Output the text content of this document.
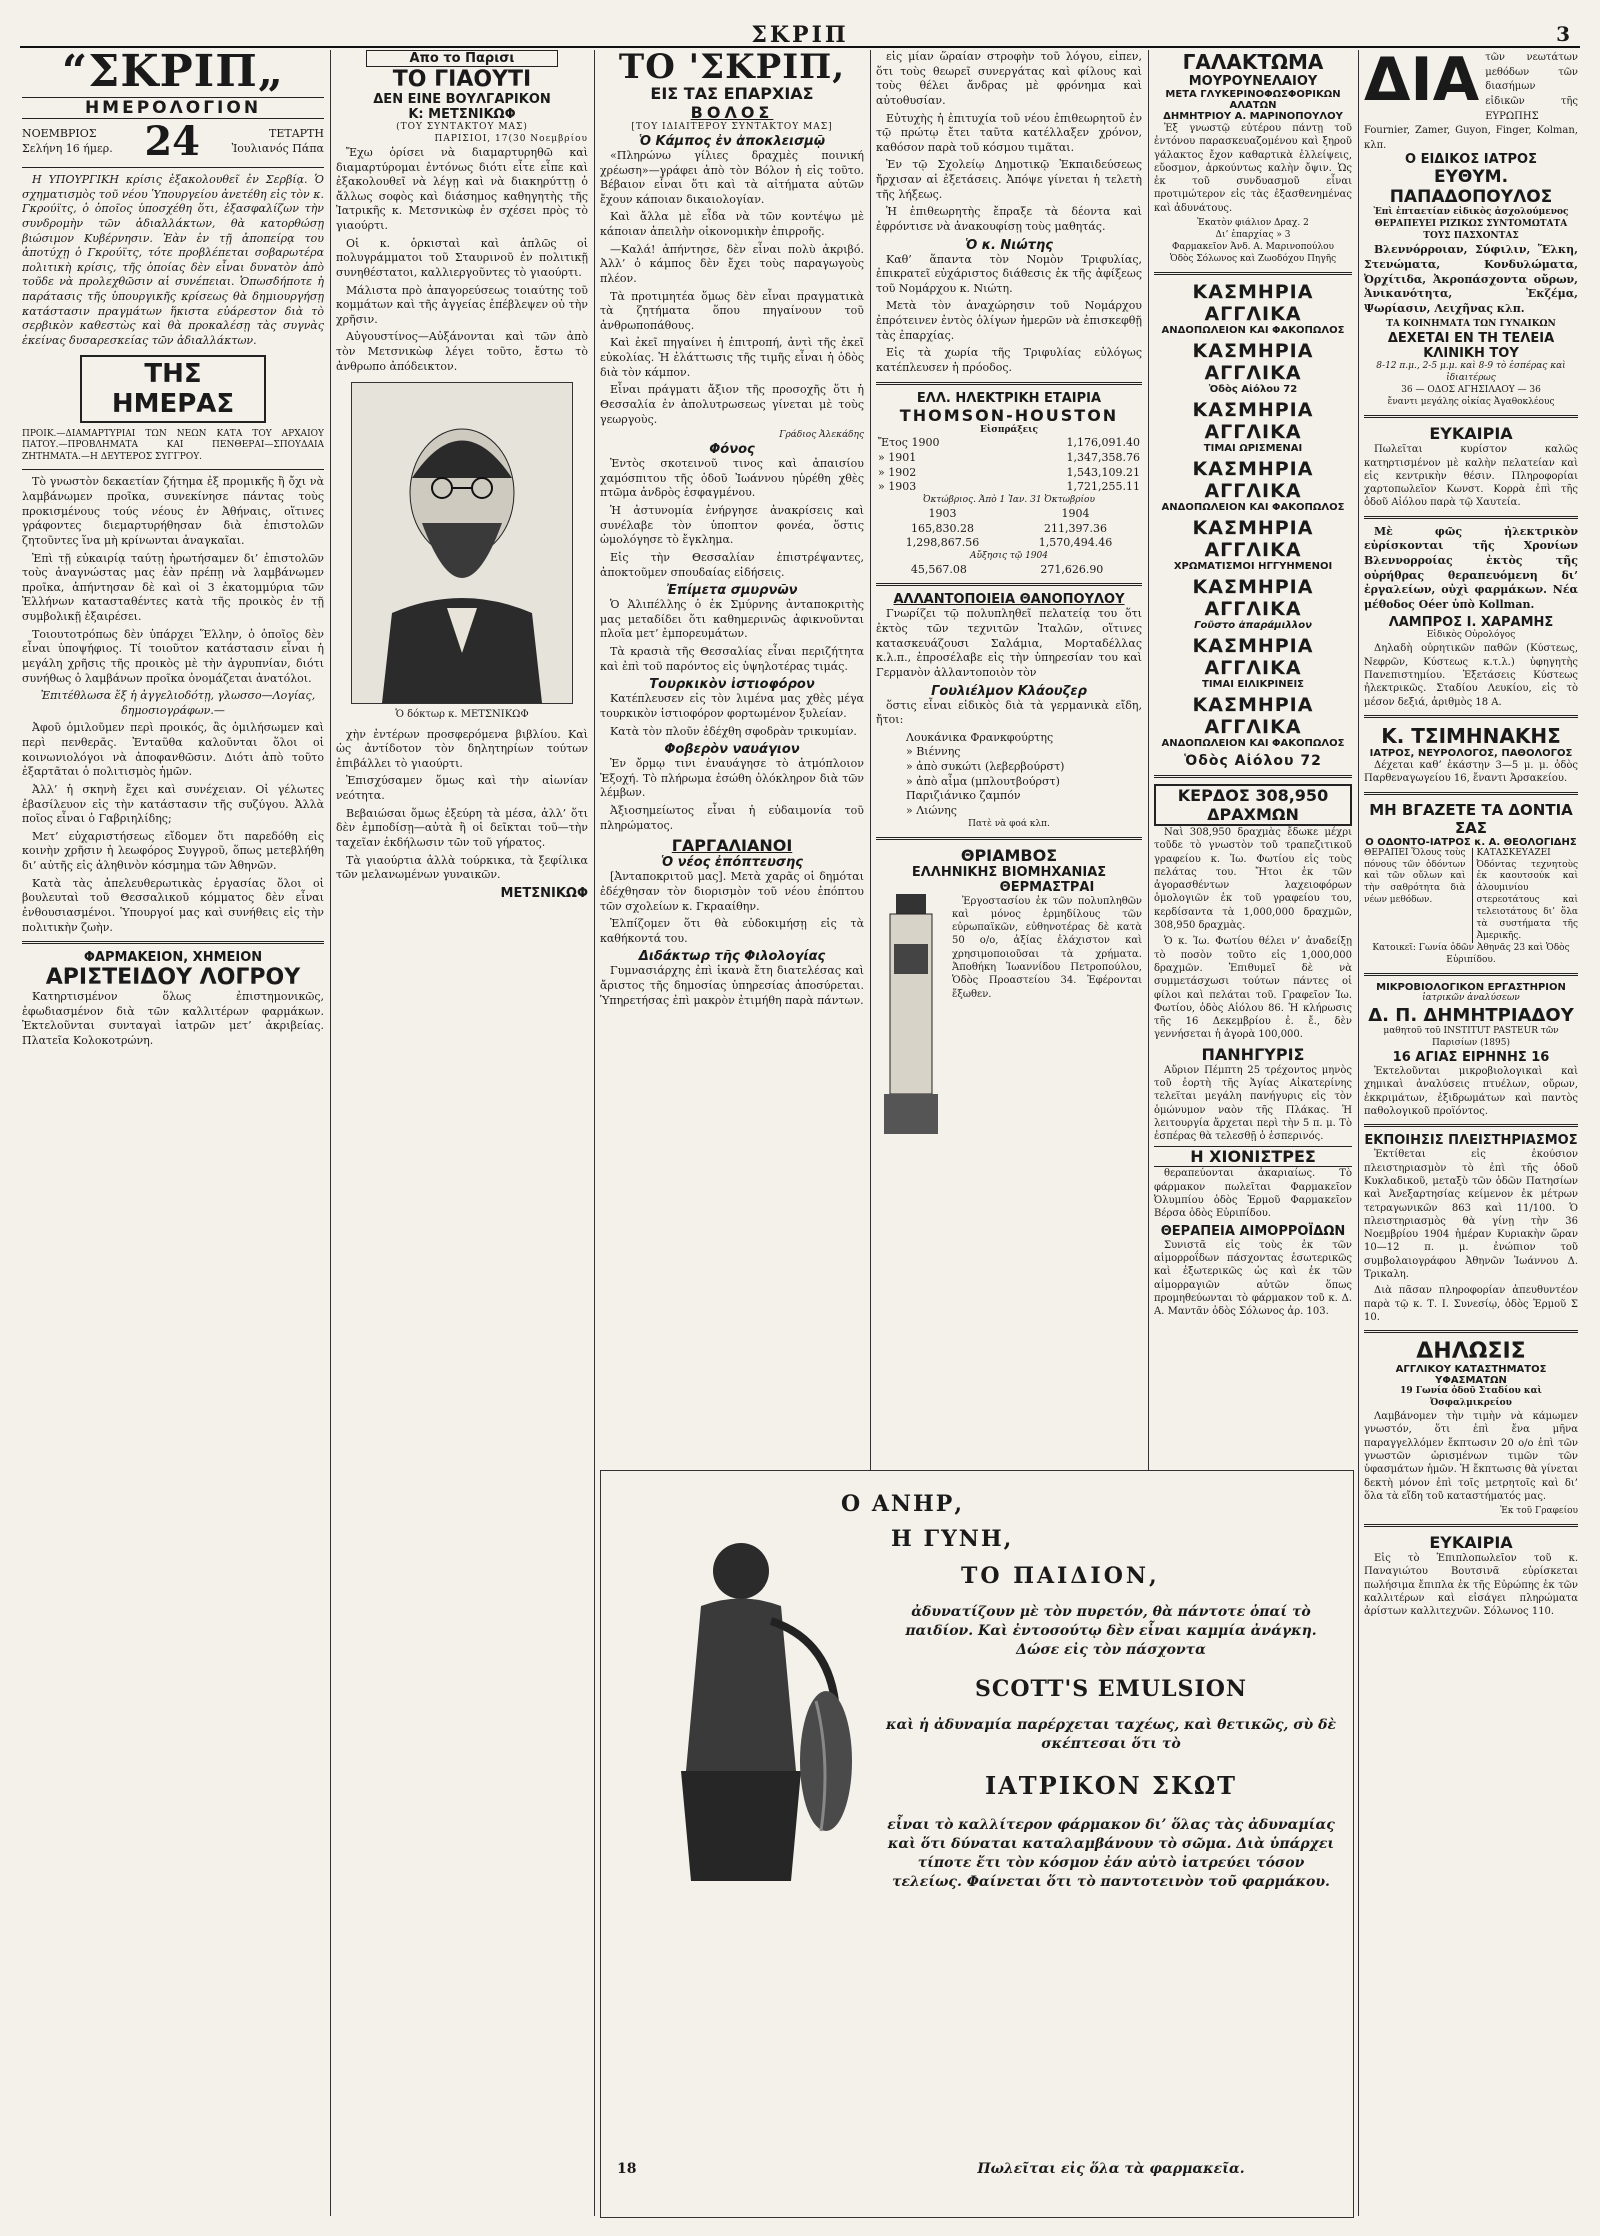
ΣΚΡΙΠ	3
“ΣΚΡΙΠ„
ΗΜΕΡΟΛΟΓΙΟΝ
ΝΟΕΜΒΡΙΟΣ
Σελήνη 16 ήμερ. 24	ΤΕΤΑΡΤΗ
Ἰουλιανός Πάπα

Η ΥΠΟΥΡΓΙΚΗ κρίσις ἐξακολουθεῖ ἐν Σερβίᾳ. Ὁ σχηματισμὸς τοῦ νέου Ὑπουργείου ἀνετέθη εἰς τὸν κ. Γκρούϊτς, ὁ ὁποῖος ὑποσχέθη ὅτι, ἐξασφαλίζων τὴν συνδρομὴν τῶν ἀδιαλλάκτων, θὰ κατορθώσῃ βιώσιμον Κυβέρνησιν. Ἐὰν ἐν τῇ ἀποπείρᾳ του ἀποτύχῃ ὁ Γκρούϊτς, τότε προβλέπεται σοβαρωτέρα πολιτικὴ κρίσις, τῆς ὁποίας δὲν εἶναι δυνατὸν ἀπὸ τοῦδε νὰ προλεχθῶσιν αἱ συνέπειαι. Ὁπωσδήποτε ἡ παράτασις τῆς ὑπουργικῆς κρίσεως θὰ δημιουργήσῃ κατάστασιν πραγμάτων ἥκιστα εὐάρεστον διὰ τὸ σερβικὸν καθεστὼς καὶ θὰ προκαλέσῃ τὰς συγνὰς ἐκείνας δυσαρεσκείας τῶν ἀδιαλλάκτων.

ΤΗΣ ΗΜΕΡΑΣ
ΠΡΟΙΚ.—ΔΙΑΜΑΡΤΥΡΙΑΙ ΤΩΝ ΝΕΩΝ ΚΑΤΑ ΤΟΥ ΑΡΧΑΙΟΥ ΠΑΤΟΥ.—ΠΡΟΒΛΗΜΑΤΑ ΚΑΙ ΠΕΝΘΕΡΑΙ—ΣΠΟΥΔΑΙΑ ΖΗΤΗΜΑΤΑ.—Η ΔΕΥΤΕΡΟΣ ΣΥΓΓΡΟΥ.

Τὸ γνωστὸν δεκαετίαν ζήτημα ἐξ προμικῆς ἢ ὄχι νὰ λαμβάνωμεν προῖκα, συνεκίνησε πάντας τοὺς προκισμένους τούς νέους ἐν Ἀθήναις, οἵτινες γράφοντες διεμαρτυρήθησαν διὰ ἐπιστολῶν ζητοῦντες ἵνα μὴ κρίνωνται ἀναγκαῖαι.

Ἐπὶ τῇ εὐκαιρίᾳ ταύτῃ ἠρωτήσαμεν δι’ ἐπιστολῶν τοὺς ἀναγνώστας μας ἐὰν πρέπῃ νὰ λαμβάνωμεν προῖκα, ἀπήντησαν δὲ καὶ οἱ 3 ἐκατομμύρια τῶν Ἑλλήνων κατασταθέντες κατὰ τῆς προικὸς ἐν τῇ συμβολικῇ ἐξαιρέσει.

Τοιουτοτρόπως δὲν ὑπάρχει Ἕλλην, ὁ ὁποῖος δὲν εἶναι ὑποψήφιος. Τί τοιοῦτον κατάστασιν εἶναι ἡ μεγάλη χρῆσις τῆς προικὸς μὲ τὴν ἀγρυπνίαν, διότι συνήθως ὁ λαμβάνων προῖκα ὀνομάζεται ἀνατόλοι.

Ἐπιτέθλωσα ἕξ ἡ ἀγγελιοδότῃ, γλωσσο—Λογίας, δημοσιογράφων.—

Ἀφοῦ ὁμιλοῦμεν περὶ προικός, ἂς ὁμιλήσωμεν καὶ περὶ πενθερᾶς. Ἐνταῦθα καλοῦνται ὅλοι οἱ κοινωνιολόγοι νὰ ἀποφανθῶσιν. Διότι ἀπὸ τοῦτο ἐξαρτᾶται ὁ πολιτισμὸς ἡμῶν.

Ἀλλ’ ἡ σκηνὴ ἔχει καὶ συνέχειαν. Οἱ γέλωτες ἐβασίλευον εἰς τὴν κατάστασιν τῆς συζύγου. Ἀλλὰ ποῖος εἶναι ὁ Γαβριηλίδης;

Μετ’ εὐχαριστήσεως εἴδομεν ὅτι παρεδόθη εἰς κοινὴν χρῆσιν ἡ λεωφόρος Συγγροῦ, ὅπως μετεβλήθη δι’ αὐτῆς εἰς ἀληθινὸν κόσμημα τῶν Ἀθηνῶν.

Κατὰ τὰς ἀπελευθερωτικὰς ἐργασίας ὅλοι οἱ βουλευταὶ τοῦ Θεσσαλικοῦ κόμματος δὲν εἶναι ἐνθουσιασμένοι. Ὑπουργοί μας καὶ συνήθεις εἰς τὴν πολιτικὴν ζωὴν.

ΦΑΡΜΑΚΕΙΟΝ, ΧΗΜΕΙΟΝ
ΑΡΙΣΤΕΙΔΟΥ ΛΟΓΡΟΥ

Κατηρτισμένον ὅλως ἐπιστημονικῶς, ἐφωδιασμένον διὰ τῶν καλλιτέρων φαρμάκων. Ἐκτελοῦνται συνταγαὶ ἰατρῶν μετ’ ἀκριβείας. Πλατεῖα Κολοκοτρώνη.

Απο το Παρισι
ΤΟ ΓΙΑΟΥΤΙ
ΔΕΝ ΕΙΝΕ ΒΟΥΛΓΑΡΙΚΟΝ
Κ: ΜΕΤΣΝΙΚΩΦ
(ΤΟΥ ΣΥΝΤΑΚΤΟΥ ΜΑΣ)
ΠΑΡΙΣΙΟΙ, 17(30 Νοεμβρίου

Ἔχω ὁρίσει νὰ διαμαρτυρηθῶ καὶ διαμαρτύρομαι ἐντόνως διότι εἶτε εἶπε καὶ ἐξακολουθεῖ νὰ λέγῃ καὶ νὰ διακηρύττῃ ὁ ἄλλως σοφὸς καὶ διάσημος καθηγητὴς τῆς Ἰατρικῆς κ. Μετσνικὼφ ἐν σχέσει πρὸς τὸ γιαούρτι.

Οἱ κ. ὁρκισταὶ καὶ ἁπλῶς οἱ πολυγράμματοι τοῦ Σταυρινοῦ ἐν πολιτικῇ συνηθέστατοι, καλλιεργοῦντες τὸ γιαούρτι.

Μάλιστα πρὸ ἀπαγορεύσεως τοιαύτης τοῦ κομμάτων καὶ τῆς ἀγγείας ἐπέβλεψεν οὐ τὴν χρῆσιν.

Αὐγουστίνος—Αὐξάνονται καὶ τῶν ἀπὸ τὸν Μετσνικὼφ λέγει τοῦτο, ἔστω τὸ ἀνθρωπο ἀπόδεικτον.

Ὁ δόκτωρ κ. ΜΕΤΣΝΙΚΩΦ

χὴν ἐντέρων προσφερόμενα βιβλίου. Καὶ ὡς ἀντίδοτον τὸν δηλητηρίων τούτων ἐπιβάλλει τὸ γιαούρτι.

Ἐπισχύσαμεν ὅμως καὶ τὴν αἰωνίαν νεότητα.

Βεβαιώσαι ὅμως ἐξεύρη τὰ μέσα, ἀλλ’ ὅτι δὲν ἐμποδίσῃ—αὐτὰ ἢ οἱ δεῖκται τοῦ—τὴν ταχεῖαν ἐκδήλωσιν τῶν τοῦ γήρατος.

Τὰ γιαούρτια ἀλλὰ τούρκικα, τὰ ξεφίλικα τῶν μελανωμένων γυναικῶν.

ΜΕΤΣΝΙΚΩΦ
ΤΟ 'ΣΚΡΙΠ,
ΕΙΣ ΤΑΣ ΕΠΑΡΧΙΑΣ
ΒΟΛΟΣ
[ΤΟΥ ΙΔΙΑΙΤΕΡΟΥ ΣΥΝΤΑΚΤΟΥ ΜΑΣ]
Ὁ Κάμπος ἐν ἀποκλεισμῷ

«Πληρώνω γίλιες δραχμὲς ποινική χρέωση»—γράφει ἀπὸ τὸν Βόλον ἡ εἰς τοῦτο. Βέβαιον εἶναι ὅτι καὶ τὰ αἰτήματα αὐτῶν ἔχουν κάποιαν δικαιολογίαν.

Καὶ ἄλλα μὲ εἶδα νὰ τῶν κοντέψω μὲ κάποιαν ἀπειλὴν οἰκονομικὴν ἐπιρροῆς.

—Καλά! ἀπήντησε, δὲν εἶναι πολὺ ἀκριβό. Ἀλλ’ ὁ κάμπος δὲν ἔχει τοὺς παραγωγοὺς πλέον.

Τὰ προτιμητέα ὅμως δὲν εἶναι πραγματικὰ τὰ ζητήματα ὅπου πηγαίνουν τοῦ ἀνθρωποπάθους.

Καὶ ἐκεῖ πηγαίνει ἡ ἐπιτροπή, ἀντὶ τῆς ἐκεῖ εὐκολίας. Ἡ ἐλάττωσις τῆς τιμῆς εἶναι ἡ ὁδὸς διὰ τὸν κάμπον.

Εἶναι πράγματι ἄξιον τῆς προσοχῆς ὅτι ἡ Θεσσαλία ἐν ἀπολυτρωσεως γίνεται μὲ τοὺς γεωργοὺς.

Γράδιος Ἀλεκάδης
Φόνος

Ἐντὸς σκοτεινοῦ τινος καὶ ἀπαισίου χαμόσπιτου τῆς ὁδοῦ Ἰωάννου ηὑρέθη χθὲς πτῶμα ἀνδρὸς ἐσφαγμένου.

Ἡ ἀστυνομία ἐνήργησε ἀνακρίσεις καὶ συνέλαβε τὸν ὑποπτον φονέα, ὅστις ὡμολόγησε τὸ ἔγκλημα.

Εἰς τὴν Θεσσαλίαν ἐπιστρέψαντες, ἀποκτοῦμεν σπουδαίας εἰδήσεις.

Ἐπίμετα σμυρνῶν

Ὁ Ἀλιπέλλης ὁ ἐκ Σμύρνης ἀνταποκριτὴς μας μεταδίδει ὅτι καθημερινῶς ἀφικνοῦνται πλοῖα μετ’ ἐμπορευμάτων.

Τὰ κρασιὰ τῆς Θεσσαλίας εἶναι περιζήτητα καὶ ἐπὶ τοῦ παρόντος εἰς ὑψηλοτέρας τιμάς.

Τουρκικὸν ἰστιοφόρον

Κατέπλευσεν εἰς τὸν λιμένα μας χθὲς μέγα τουρκικὸν ἰστιοφόρον φορτωμένον ξυλείαν.

Κατὰ τὸν πλοῦν ἐδέχθη σφοδρὰν τρικυμίαν.

Φοβερὸν ναυάγιον

Ἐν ὄρμῳ τινι ἐναυάγησε τὸ ἀτμόπλοιον Ἐξοχή. Τὸ πλήρωμα ἐσώθη ὀλόκληρον διὰ τῶν λέμβων.

Ἀξιοσημείωτος εἶναι ἡ εὐδαιμονία τοῦ πληρώματος.

ΓΑΡΓΑΛΙΑΝΟΙ
Ὁ νέος ἐπόπτευσης

[Ἀνταποκριτοῦ μας]. Μετὰ χαρᾶς οἱ δημόται ἐδέχθησαν τὸν διορισμὸν τοῦ νέου ἐπόπτου τῶν σχολείων κ. Γκρααίθην.

Ἐλπίζομεν ὅτι θὰ εὐδοκιμήσῃ εἰς τὰ καθήκοντά του.

Διδάκτωρ τῆς Φιλολογίας

Γυμνασιάρχης ἐπὶ ἱκανὰ ἔτη διατελέσας καὶ ἄριστος τῆς δημοσίας ὑπηρεσίας ἀποσύρεται. Ὑπηρετήσας ἐπὶ μακρὸν ἐτιμήθη παρὰ πάντων.

εἰς μίαν ὥραίαν στροφὴν τοῦ λόγου, εἶπεν, ὅτι τοὺς θεωρεῖ συνεργάτας καὶ φίλους καὶ τοὺς θέλει ἄνδρας μὲ φρόνημα καὶ αὐτοθυσίαν.

Εὐτυχὴς ἡ ἐπιτυχία τοῦ νέου ἐπιθεωρητοῦ ἐν τῷ πρώτῳ ἔτει ταῦτα κατέλλαξεν χρόνον, καθόσον παρὰ τοῦ κόσμου τιμᾶται.

Ἐν τῷ Σχολείῳ Δημοτικῷ Ἐκπαιδεύσεως ἤρχισαν αἱ ἐξετάσεις. Ἀπόψε γίνεται ἡ τελετὴ τῆς λήξεως.

Ἡ ἐπιθεωρητὴς ἔπραξε τὰ δέοντα καὶ ἐφρόντισε νὰ ἀνακουφίσῃ τοὺς μαθητάς.

Ὁ κ. Νιώτης

Καθ’ ἅπαντα τὸν Νομὸν Τριφυλίας, ἐπικρατεῖ εὐχάριστος διάθεσις ἐκ τῆς ἀφίξεως τοῦ Νομάρχου κ. Νιώτη.

Μετὰ τὸν ἀναχώρησιν τοῦ Νομάρχου ἐπρότεινεν ἐντὸς ὀλίγων ἡμερῶν νὰ ἐπισκεφθῇ τὰς ἐπαρχίας.

Εἰς τὰ χωρία τῆς Τριφυλίας εὐλόγως κατέπλευσεν ἡ πρόοδος.

ΕΛΛ. ΗΛΕΚΤΡΙΚΗ ΕΤΑΙΡΙΑ
THOMSON-HOUSTON
Εἰσπράξεις
Ἔτος 1900	1,176,091.40
» 1901	1,347,358.76
» 1902	1,543,109.21
» 1903	1,721,255.11
Ὀκτώβριος. Ἀπὸ 1 Ἰαν. 31 Ὀκτωβρίου
1903	1904
165,830.28	211,397.36
1,298,867.56	1,570,494.46
Αὔξησις τῷ 1904
45,567.08	271,626.90
ΑΛΛΑΝΤΟΠΟΙΕΙΑ ΘΑΝΟΠΟΥΛΟΥ

Γνωρίζει τῷ πολυπληθεῖ πελατείᾳ του ὅτι ἐκτὸς τῶν τεχνιτῶν Ἰταλῶν, οἵτινες κατασκευάζουσι Σαλάμια, Μορταδέλλας κ.λ.π., ἐπροσέλαβε εἰς τὴν ὑπηρεσίαν του καὶ Γερμανὸν ἀλλαντοποιὸν τὸν

Γουλιέλμον Κλάουζερ

ὅστις εἶναι εἰδικὸς διὰ τὰ γερμανικὰ εἴδη, ἤτοι:

Λουκάνικα Φρανκφούρτης
» Βιέννης
» ἀπὸ συκώτι (λεβερβούρστ)
» ἀπὸ αἷμα (μπλουτβούρστ)
Παριζιάνικο ζαμπόν
» Λιώνης
Πατὲ νὰ φοά κλπ.
ΘΡΙΑΜΒΟΣ
ΕΛΛΗΝΙΚΗΣ ΒΙΟΜΗΧΑΝΙΑΣ
ΘΕΡΜΑΣΤΡΑΙ

Ἐργοστασίου ἐκ τῶν πολυπληθῶν καὶ μόνος ἑρμηδίλους τῶν εὐρωπαϊκῶν, εὐθηνοτέρας δὲ κατὰ 50 ο/ο, ἀξίας ἐλάχιστον καὶ χρησιμοποιοῦσαι τὰ χρήματα. Ἀποθήκη Ἰωαννίδου Πετροπούλου, Ὁδὸς Προαστείου 34. Ἐφέρονται ἔξωθεν.

ΓΑΛΑΚΤΩΜΑ
ΜΟΥΡΟΥΝΕΛΑΙΟΥ
ΜΕΤΑ ΓΛΥΚΕΡΙΝΟΦΩΣΦΟΡΙΚΩΝ ΑΛΑΤΩΝ
ΔΗΜΗΤΡΙΟΥ Α. ΜΑΡΙΝΟΠΟΥΛΟΥ

Ἐξ γνωστῷ εὐτέρου πάντῃ τοῦ ἐντόνου παρασκευαζομένου καὶ ξηροῦ γάλακτος ἔχον καθαρτικὰ ἐλλείψεις, εὔοσμον, ἀρκούντως καλὴν ὄψιν. Ὡς ἐκ τοῦ συνδυασμοῦ εἶναι προτιμώτερον εἰς τὰς ἐξασθενημένας καὶ ἀδυνάτους.

Ἑκατὸν φιάλιον Δραχ. 2
Δι’ ἐπαρχίας » 3
Φαρμακεῖον Ἀνδ. Α. Μαρινοπούλου
Ὁδὸς Σόλωνος καὶ Ζωοδόχου Πηγῆς
ΚΑΣΜΗΡΙΑ ΑΓΓΛΙΚΑ
ΑΝΔΟΠΩΛΕΙΟΝ ΚΑΙ ΦΑΚΟΠΩΛΟΣ
ΚΑΣΜΗΡΙΑ ΑΓΓΛΙΚΑ
Ὁδὸς Αἰόλου 72
ΚΑΣΜΗΡΙΑ ΑΓΓΛΙΚΑ
ΤΙΜΑΙ ΩΡΙΣΜΕΝΑΙ
ΚΑΣΜΗΡΙΑ ΑΓΓΛΙΚΑ
ΑΝΔΟΠΩΛΕΙΟΝ ΚΑΙ ΦΑΚΟΠΩΛΟΣ
ΚΑΣΜΗΡΙΑ ΑΓΓΛΙΚΑ
ΧΡΩΜΑΤΙΣΜΟΙ ΗΓΓΥΗΜΕΝΟΙ
ΚΑΣΜΗΡΙΑ ΑΓΓΛΙΚΑ
Γοῦστο ἀπαράμιλλον
ΚΑΣΜΗΡΙΑ ΑΓΓΛΙΚΑ
ΤΙΜΑΙ ΕΙΛΙΚΡΙΝΕΙΣ
ΚΑΣΜΗΡΙΑ ΑΓΓΛΙΚΑ
ΑΝΔΟΠΩΛΕΙΟΝ ΚΑΙ ΦΑΚΟΠΩΛΟΣ
Ὁδὸς Αἰόλου 72
ΚΕΡΔΟΣ 308,950 ΔΡΑΧΜΩΝ

Ναὶ 308,950 δραχμὰς ἔδωκε μέχρι τοῦδε τὸ γνωστὸν τοῦ τραπεζιτικοῦ γραφείου κ. Ἰω. Φωτίου εἰς τοὺς πελάτας του. Ἤτοι ἐκ τῶν ἀγορασθέντων λαχειοφόρων ὁμολογιῶν ἐκ τοῦ γραφείου του, κερδίσαντα τὰ 1,000,000 δραχμῶν, 308,950 δραχμὰς.

Ὁ κ. Ἰω. Φωτίου θέλει ν’ ἀναδείξῃ τὸ ποσὸν τοῦτο εἰς 1,000,000 δραχμῶν. Ἐπιθυμεῖ δὲ νὰ συμμετάσχωσι τούτων πάντες οἱ φίλοι καὶ πελάται τοῦ. Γραφεῖον Ἰω. Φωτίου, ὁδὸς Αἰόλου 86. Ἡ κλήρωσις τῆς 16 Δεκεμβρίου ἐ. ἔ., δὲν γεννήσεται ἡ ἀγορὰ 100,000.

ΠΑΝΗΓΥΡΙΣ

Αὔριον Πέμπτη 25 τρέχοντος μηνὸς τοῦ ἐορτὴ τῆς Ἁγίας Αἰκατερίνης τελεῖται μεγάλη πανήγυρις εἰς τὸν ὁμώνυμον ναὸν τῆς Πλάκας. Ἡ λειτουργία ἄρχεται περὶ τὴν 5 π. μ. Τὸ ἐσπέρας θὰ τελεσθῇ ὁ ἑσπερινός.

Η ΧΙΟΝΙΣΤΡΕΣ

θεραπεύονται ἀκαριαίως. Τὸ φάρμακον πωλεῖται Φαρμακεῖον Ὀλυμπίου ὁδὸς Ἑρμοῦ Φαρμακεῖον Βέρσα ὁδὸς Εὐριπίδου.

ΘΕΡΑΠΕΙΑ ΑΙΜΟΡΡΟΪΔΩΝ

Συνιστᾶ εἰς τοὺς ἐκ τῶν αἱμορροΐδων πάσχοντας ἐσωτερικῶς καὶ ἐξωτερικῶς ὡς καὶ ἐκ τῶν αἱμορραγιῶν αὐτῶν ὅπως προμηθεύωνται τὸ φάρμακον τοῦ κ. Δ. Α. Μαντᾶν ὁδὸς Σόλωνος ἀρ. 103.

ΔΙΑ τῶν νεωτάτων μεθόδων τῶν διασήμων εἰδικῶν τῆς ΕΥΡΩΠΗΣ Fournier, Zamer, Guyon, Finger, Kolman, κλπ.
Ο ΕΙΔΙΚΟΣ ΙΑΤΡΟΣ
ΕΥΘΥΜ. ΠΑΠΑΔΟΠΟΥΛΟΣ
Ἐπὶ ἐπταετίαν εἰδικὸς ἀσχολούμενος ΘΕΡΑΠΕΥΕΙ ΡΙΖΙΚΩΣ ΣΥΝΤΟΜΩΤΑΤΑ ΤΟΥΣ ΠΑΣΧΟΝΤΑΣ

Βλεννόρροιαν, Σύφιλιν, Ἕλκη, Στενώματα, Κονδυλώματα, Ὀρχίτιδα, Ἀκροπάσχοντα οὔρων, Ἀνικανότητα, Ἐκζέμα, Ψωρίασιν, Λειχῆνας κλπ.

ΤΑ ΚΟΙΝΗΜΑΤΑ ΤΩΝ ΓΥΝΑΙΚΩΝ
ΔΕΧΕΤΑΙ ΕΝ ΤΗ ΤΕΛΕΙΑ ΚΛΙΝΙΚΗ ΤΟΥ
8-12 π.μ., 2-5 μ.μ. καὶ 8-9 τὸ ἑσπέρας καὶ ἰδιαιτέρως
36 — ΟΔΟΣ ΑΓΗΣΙΛΑΟΥ — 36
ἔναντι μεγάλης οἰκίας Ἀγαθοκλέους
ΕΥΚΑΙΡΙΑ

Πωλεῖται κυρίστον καλῶς κατηρτισμένον μὲ καλὴν πελατείαν καὶ εἰς κεντρικὴν θέσιν. Πληροφορίαι χαρτοπωλεῖον Κωνστ. Κορρὰ ἐπὶ τῆς ὁδοῦ Αἰόλου παρὰ τῷ Χαυτεία.

Μὲ φῶς ἠλεκτρικὸν εὑρίσκονται τῆς Χρονίων Βλεννορροίας ἐκτὸς τῆς οὐρήθρας θεραπευόμενη δι’ ἐργαλείων, οὐχὶ φαρμάκων. Νέα μέθοδος Oéer ὑπὸ Kollman.

ΛΑΜΠΡΟΣ Ι. ΧΑΡΑΜΗΣ
Εἰδικὸς Οὐρολόγος

Δηλαδὴ οὐρητικῶν παθῶν (Κύστεως, Νεφρῶν, Κύστεως κ.τ.λ.) ὑφηγητὴς Πανεπιστημίου. Ἐξετάσεις Κύστεως ἠλεκτρικῶς. Σταδίου Λευκίου, εἰς τὸ μέσον δεξιά, ἀριθμὸς 18 Α.

Κ. ΤΣΙΜΗΝΑΚΗΣ
ΙΑΤΡΟΣ, ΝΕΥΡΟΛΟΓΟΣ, ΠΑΘΟΛΟΓΟΣ

Δέχεται καθ’ ἑκάστην 3—5 μ. μ. ὁδὸς Παρθεναγωγείου 16, ἔναντι Ἀρσακείου.

ΜΗ ΒΓΑΖΕΤΕ ΤΑ ΔΟΝΤΙΑ ΣΑΣ
Ο ΟΔΟΝΤΟ-ΙΑΤΡΟΣ κ. Α. ΘΕΟΛΟΓΙΔΗΣ
ΘΕΡΑΠΕΙ Ὅλους τοὺς πόνους τῶν ὀδόντων καὶ τῶν οὔλων καὶ τὴν σαθρότητα διὰ νέων μεθόδων.
ΚΑΤΑΣΚΕΥΑΖΕΙ Ὀδόντας τεχνητοὺς ἐκ καουτσούκ καὶ ἀλουμινίου στερεοτάτους καὶ τελειοτάτους δι’ ὅλα τὰ συστήματα τῆς Ἀμερικῆς.
Κατοικεῖ: Γωνία ὁδῶν Ἀθηνᾶς 23 καὶ Ὁδὸς Εὐριπίδου.
ΜΙΚΡΟΒΙΟΛΟΓΙΚΟΝ ΕΡΓΑΣΤΗΡΙΟΝ
ἰατρικῶν ἀναλύσεων
Δ. Π. ΔΗΜΗΤΡΙΑΔΟΥ
μαθητοῦ τοῦ INSTITUT PASTEUR τῶν Παρισίων (1895)
16 ΑΓΙΑΣ ΕΙΡΗΝΗΣ 16

Ἐκτελοῦνται μικροβιολογικαὶ καὶ χημικαὶ ἀναλύσεις πτυέλων, οὔρων, ἐκκριμάτων, ἐξιδρωμάτων καὶ παντὸς παθολογικοῦ προϊόντος.

ΕΚΠΟΙΗΣΙΣ ΠΛΕΙΣΤΗΡΙΑΣΜΟΣ

Ἐκτίθεται εἰς ἐκούσιον πλειστηριασμὸν τὸ ἐπὶ τῆς ὁδοῦ Κυκλαδικοῦ, μεταξὺ τῶν ὁδῶν Πατησίων καὶ Ἀνεξαρτησίας κείμενον ἐκ μέτρων τετραγωνικῶν 863 καὶ 11/100. Ὁ πλειστηριασμὸς θὰ γίνῃ τὴν 36 Νοεμβρίου 1904 ἡμέραν Κυριακὴν ὥραν 10—12 π. μ. ἐνώπιον τοῦ συμβολαιογράφου Ἀθηνῶν Ἰωάννου Δ. Τρικαλη.

Διὰ πᾶσαν πληροφορίαν ἀπευθυντέον παρὰ τῷ κ. Τ. Ι. Συνεσίῳ, ὁδὸς Ἑρμοῦ Σ 10.

ΔΗΛΩΣΙΣ
ΑΓΓΛΙΚΟΥ ΚΑΤΑΣΤΗΜΑΤΟΣ ΥΦΑΣΜΑΤΩΝ
19 Γωνία ὁδοῦ Σταδίου καὶ Ὀσφαλμικρείου

Λαμβάνομεν τὴν τιμὴν νὰ κάμωμεν γνωστόν, ὅτι ἐπὶ ἔνα μῆνα παραγγελλόμεν ἔκπτωσιν 20 ο/ο ἐπὶ τῶν γνωστῶν ὡρισμένων τιμῶν τῶν ὑφασμάτων ἡμῶν. Ἡ ἔκπτωσις θὰ γίνεται δεκτὴ μόνον ἐπὶ τοῖς μετρητοῖς καὶ δι’ ὅλα τὰ εἴδη τοῦ καταστήματός μας.

Ἐκ τοῦ Γραφείου
ΕΥΚΑΙΡΙΑ

Εἰς τὸ Ἐπιπλοπωλεῖον τοῦ κ. Παναγιώτου Βουτσινᾶ εὑρίσκεται πωλήσιμα ἔπιπλα ἐκ τῆς Εὐρώπης ἐκ τῶν καλλιτέρων καὶ εἰσάγει πληρώματα ἀρίστων καλλιτεχνῶν. Σόλωνος 110.

Ο ΑΝΗΡ,
Η ΓΥΝΗ,
ΤΟ ΠΑΙΔΙΟΝ,
ἀδυνατίζουν μὲ τὸν πυρετόν, θὰ πάντοτε ὁπαί τὸ παιδίον. Καὶ ἐντοσούτῳ δὲν εἶναι καμμία ἀνάγκη. Δώσε εἰς τὸν πάσχοντα
SCOTT'S EMULSION
καὶ ἡ ἀδυναμία παρέρχεται ταχέως, καὶ θετικῶς, σὺ δὲ σκέπτεσαι ὅτι τὸ
ΙΑΤΡΙΚΟΝ ΣΚΩΤ
εἶναι τὸ καλλίτερον φάρμακον δι’ ὅλας τὰς ἀδυναμίας καὶ ὅτι δύναται καταλαμβάνουν τὸ σῶμα. Διὰ ὑπάρχει τίποτε ἔτι τὸν κόσμον ἐάν αὐτὸ ἰατρεύει τόσον τελείως. Φαίνεται ὅτι τὸ παντοτεινὸν τοῦ φαρμάκου.
Πωλεῖται εἰς ὅλα τὰ φαρμακεῖα.
18
